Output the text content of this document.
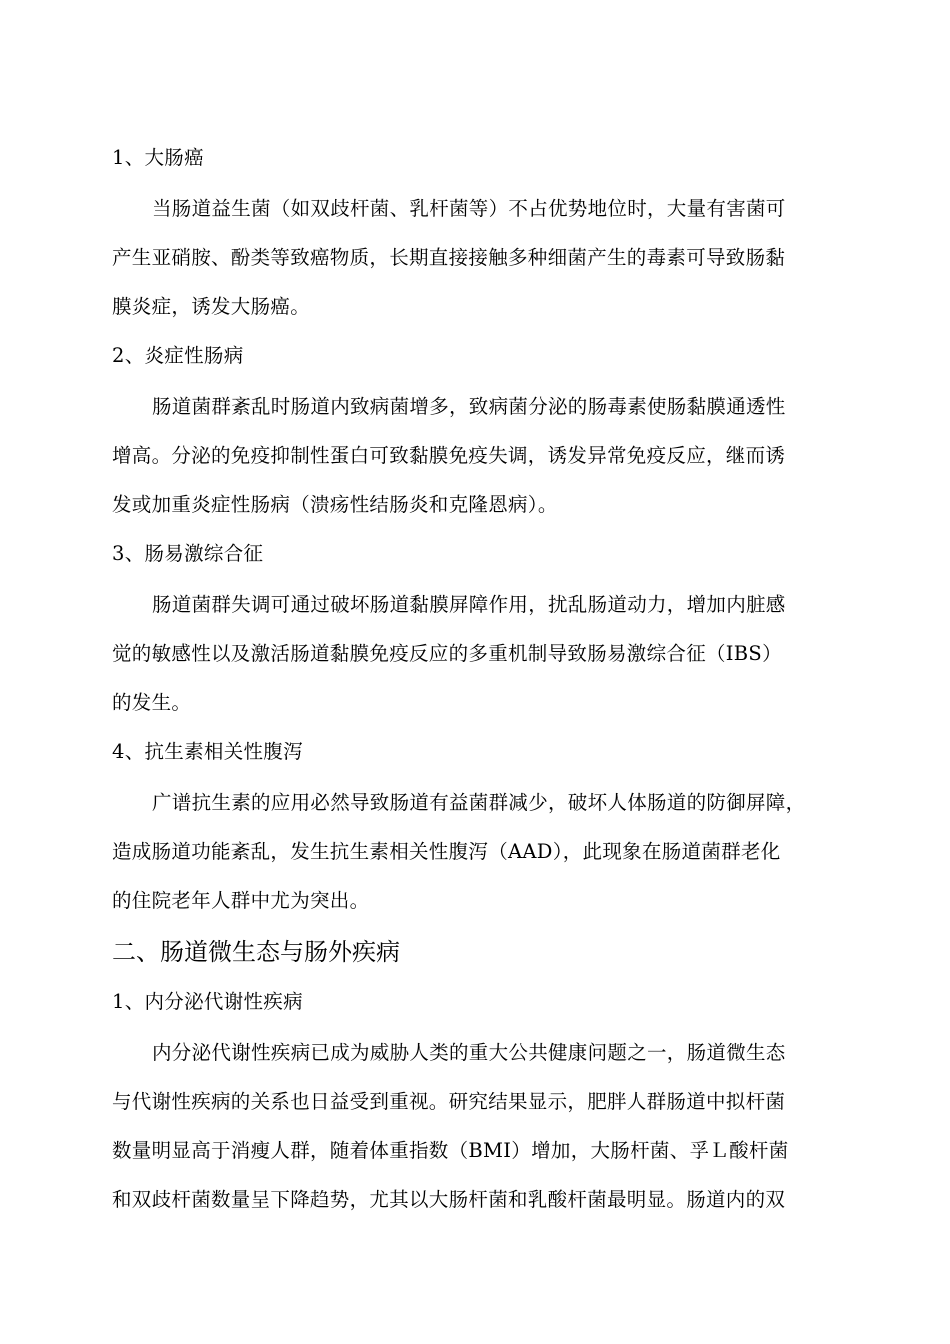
1、大肠癌
当肠道益生菌（如双歧杆菌、乳杆菌等）不占优势地位时，大量有害菌可
产生亚硝胺、酚类等致癌物质，长期直接接触多种细菌产生的毒素可导致肠黏
膜炎症，诱发大肠癌。
2、炎症性肠病
肠道菌群紊乱时肠道内致病菌增多，致病菌分泌的肠毒素使肠黏膜通透性
增高。分泌的免疫抑制性蛋白可致黏膜免疫失调，诱发异常免疫反应，继而诱
发或加重炎症性肠病（溃疡性结肠炎和克隆恩病）。
3、肠易激综合征
肠道菌群失调可通过破坏肠道黏膜屏障作用，扰乱肠道动力，增加内脏感
觉的敏感性以及激活肠道黏膜免疫反应的多重机制导致肠易激综合征（IBS）
的发生。
4、抗生素相关性腹泻
广谱抗生素的应用必然导致肠道有益菌群减少，破坏人体肠道的防御屏障，
造成肠道功能紊乱，发生抗生素相关性腹泻（AAD），此现象在肠道菌群老化
的住院老年人群中尤为突出。
二、肠道微生态与肠外疾病
1、内分泌代谢性疾病
内分泌代谢性疾病已成为威胁人类的重大公共健康问题之一，肠道微生态
与代谢性疾病的关系也日益受到重视。研究结果显示，肥胖人群肠道中拟杆菌
数量明显高于消瘦人群，随着体重指数（BMI）增加，大肠杆菌、孚Ｌ酸杆菌
和双歧杆菌数量呈下降趋势，尤其以大肠杆菌和乳酸杆菌最明显。肠道内的双
